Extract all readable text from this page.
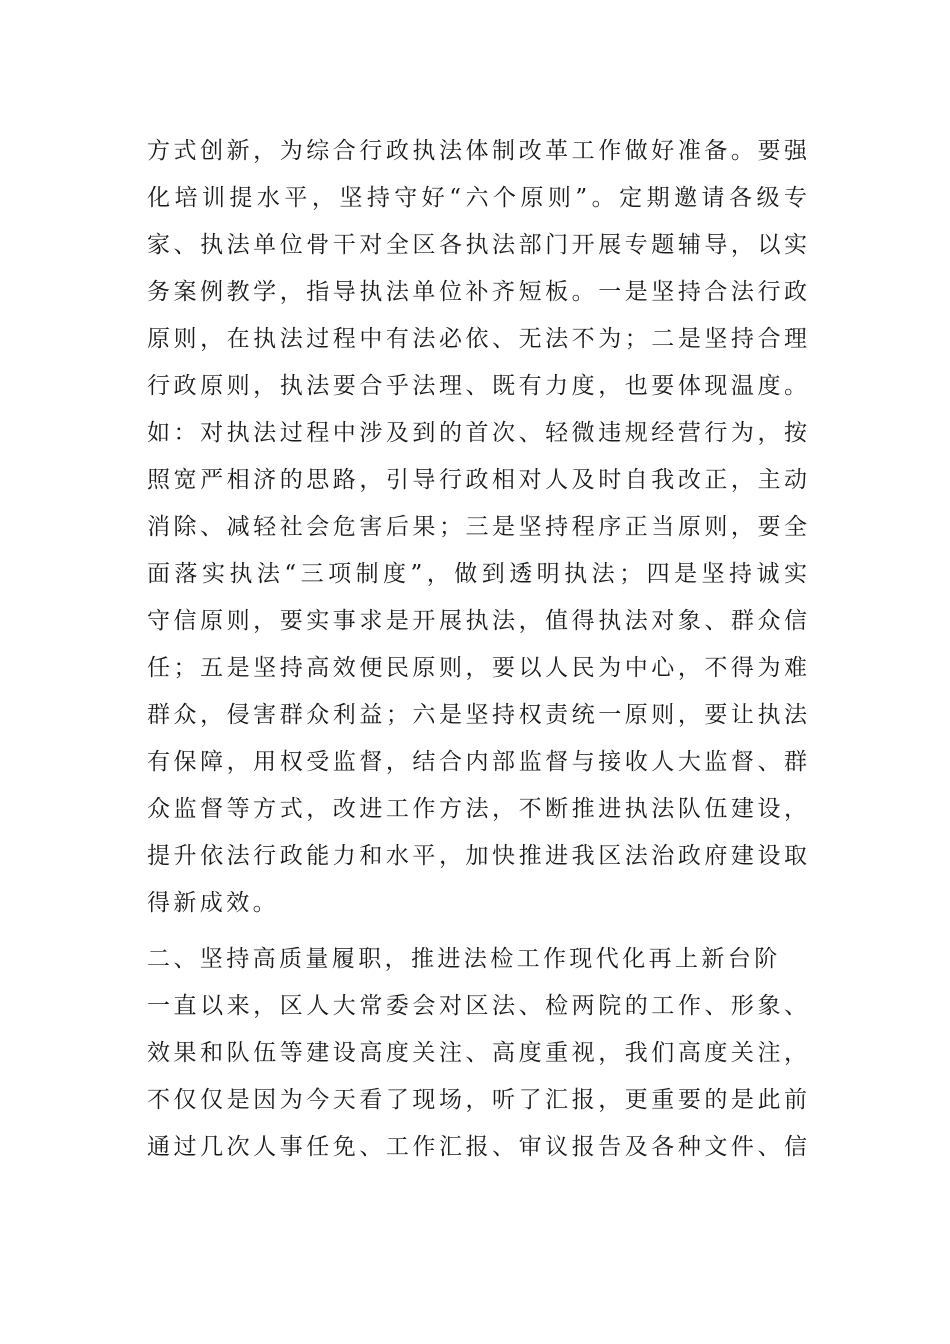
方式创新，为综合行政执法体制改革工作做好准备。要强
化培训提水平，坚持守好“六个原则”。定期邀请各级专
家、执法单位骨干对全区各执法部门开展专题辅导，以实
务案例教学，指导执法单位补齐短板。一是坚持合法行政
原则，在执法过程中有法必依、无法不为；二是坚持合理
行政原则，执法要合乎法理、既有力度，也要体现温度。
如：对执法过程中涉及到的首次、轻微违规经营行为，按
照宽严相济的思路，引导行政相对人及时自我改正，主动
消除、减轻社会危害后果；三是坚持程序正当原则，要全
面落实执法“三项制度”，做到透明执法；四是坚持诚实
守信原则，要实事求是开展执法，值得执法对象、群众信
任；五是坚持高效便民原则，要以人民为中心，不得为难
群众，侵害群众利益；六是坚持权责统一原则，要让执法
有保障，用权受监督，结合内部监督与接收人大监督、群
众监督等方式，改进工作方法，不断推进执法队伍建设，
提升依法行政能力和水平，加快推进我区法治政府建设取
得新成效。
二、坚持高质量履职，推进法检工作现代化再上新台阶
一直以来，区人大常委会对区法、检两院的工作、形象、
效果和队伍等建设高度关注、高度重视，我们高度关注，
不仅仅是因为今天看了现场，听了汇报，更重要的是此前
通过几次人事任免、工作汇报、审议报告及各种文件、信
